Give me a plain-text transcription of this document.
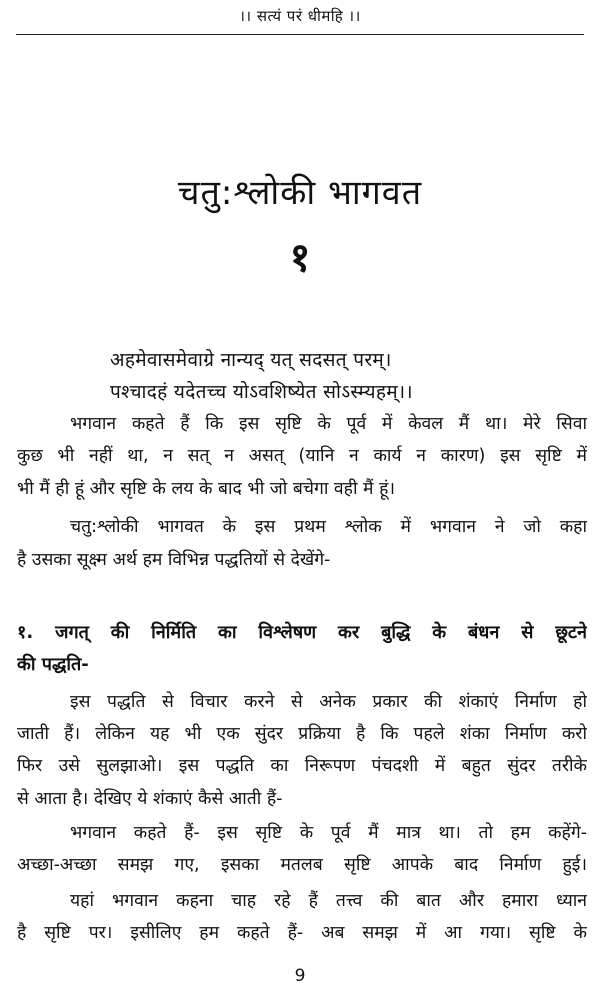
।। सत्यं परं धीमहि ।।
चतु:श्लोकी भागवत
१
अहमेवासमेवाग्रे नान्यद् यत् सदसत् परम्।
पश्चादहं यदेतच्च योऽवशिष्येत सोऽस्म्यहम्।।
भगवान कहते हैं कि इस सृष्टि के पूर्व में केवल मैं था। मेरे सिवा
कुछ भी नहीं था, न सत् न असत् (यानि न कार्य न कारण) इस सृष्टि में
भी मैं ही हूं और सृष्टि के लय के बाद भी जो बचेगा वही मैं हूं।
चतु:श्लोकी भागवत के इस प्रथम श्लोक में भगवान ने जो कहा
है उसका सूक्ष्म अर्थ हम विभिन्न पद्धतियों से देखेंगे-
१. जगत् की निर्मिति का विश्लेषण कर बुद्धि के बंधन से छूटने
की पद्धति-
इस पद्धति से विचार करने से अनेक प्रकार की शंकाएं निर्माण हो
जाती हैं। लेकिन यह भी एक सुंदर प्रक्रिया है कि पहले शंका निर्माण करो
फिर उसे सुलझाओ। इस पद्धति का निरूपण पंचदशी में बहुत सुंदर तरीके
से आता है। देखिए ये शंकाएं कैसे आती हैं-
भगवान कहते हैं- इस सृष्टि के पूर्व मैं मात्र था। तो हम कहेंगे-
अच्छा-अच्छा समझ गए, इसका मतलब सृष्टि आपके बाद निर्माण हुई।
यहां भगवान कहना चाह रहे हैं तत्त्व की बात और हमारा ध्यान
है सृष्टि पर। इसीलिए हम कहते हैं- अब समझ में आ गया। सृष्टि के
9
